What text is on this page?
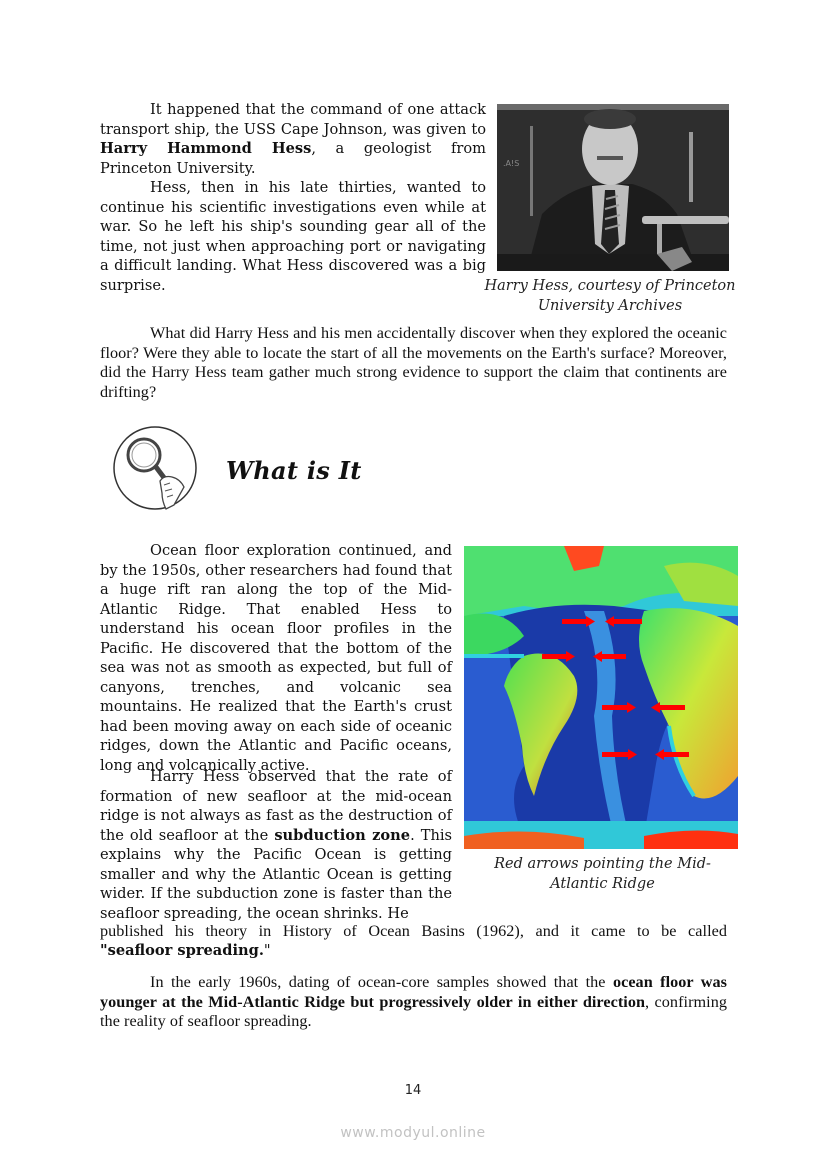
It happened that the command of one attack transport ship, the USS Cape Johnson, was given to Harry Hammond Hess, a geologist from Princeton University.
Hess, then in his late thirties, wanted to continue his scientific investigations even while at war. So he left his ship's sounding gear all of the time, not just when approaching port or navigating a difficult landing. What Hess discovered was a big surprise.
.A!S
Harry Hess, courtesy of Princeton
University Archives
What did Harry Hess and his men accidentally discover when they explored the oceanic floor? Were they able to locate the start of all the movements on the Earth's surface? Moreover, did the Harry Hess team gather much strong evidence to support the claim that continents are drifting?
What is It
Ocean floor exploration continued, and by the 1950s, other researchers had found that a huge rift ran along the top of the Mid-Atlantic Ridge. That enabled Hess to understand his ocean floor profiles in the Pacific. He discovered that the bottom of the sea was not as smooth as expected, but full of canyons, trenches, and volcanic sea mountains. He realized that the Earth's crust had been moving away on each side of oceanic ridges, down the Atlantic and Pacific oceans, long and volcanically active.
Harry Hess observed that the rate of formation of new seafloor at the mid-ocean ridge is not always as fast as the destruction of the old seafloor at the subduction zone. This explains why the Pacific Ocean is getting smaller and why the Atlantic Ocean is getting wider. If the subduction zone is faster than the seafloor spreading, the ocean shrinks. He
published his theory in History of Ocean Basins (1962), and it came to be called
"seafloor spreading."
In the early 1960s, dating of ocean-core samples showed that the ocean floor was younger at the Mid-Atlantic Ridge but progressively older in either direction, confirming the reality of seafloor spreading.
Red arrows pointing the Mid-
Atlantic Ridge
14
www.modyul.online
